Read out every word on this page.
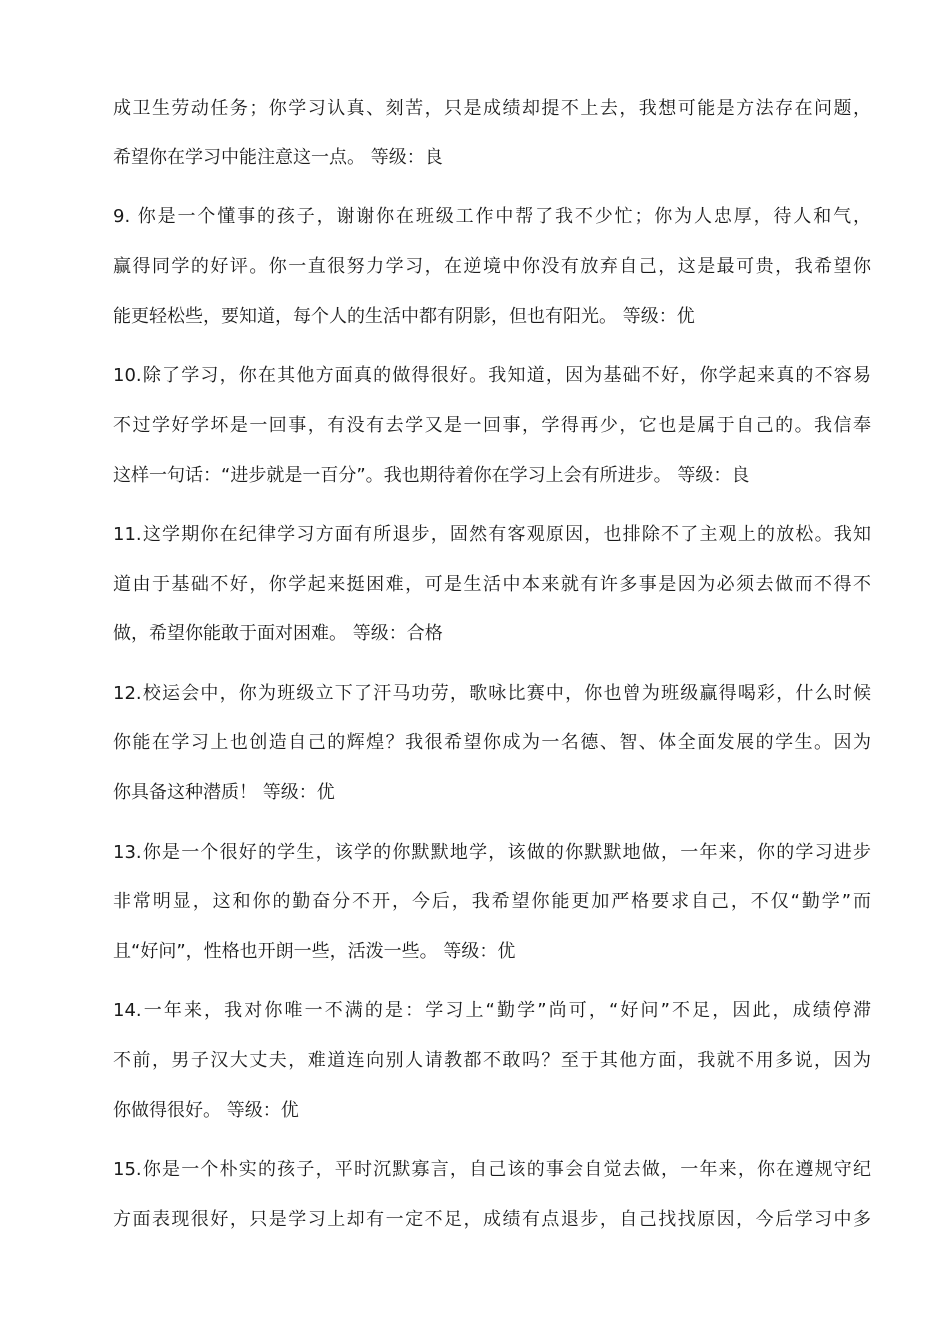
成卫生劳动任务；你学习认真、刻苦，只是成绩却提不上去，我想可能是方法存在问题，
希望你在学习中能注意这一点。 等级：良
9. 你是一个懂事的孩子，谢谢你在班级工作中帮了我不少忙；你为人忠厚，待人和气，
赢得同学的好评。你一直很努力学习，在逆境中你没有放弃自己，这是最可贵，我希望你
能更轻松些，要知道，每个人的生活中都有阴影，但也有阳光。 等级：优
10.除了学习，你在其他方面真的做得很好。我知道，因为基础不好，你学起来真的不容易
不过学好学坏是一回事，有没有去学又是一回事，学得再少，它也是属于自己的。我信奉
这样一句话：“进步就是一百分”。我也期待着你在学习上会有所进步。 等级：良
11.这学期你在纪律学习方面有所退步，固然有客观原因，也排除不了主观上的放松。我知
道由于基础不好，你学起来挺困难，可是生活中本来就有许多事是因为必须去做而不得不
做，希望你能敢于面对困难。 等级：合格
12.校运会中，你为班级立下了汗马功劳，歌咏比赛中，你也曾为班级赢得喝彩，什么时候
你能在学习上也创造自己的辉煌？我很希望你成为一名德、智、体全面发展的学生。因为
你具备这种潜质！ 等级：优
13.你是一个很好的学生，该学的你默默地学，该做的你默默地做，一年来，你的学习进步
非常明显，这和你的勤奋分不开，今后，我希望你能更加严格要求自己，不仅“勤学”而
且“好问”，性格也开朗一些，活泼一些。 等级：优
14.一年来，我对你唯一不满的是：学习上“勤学”尚可，“好问”不足，因此，成绩停滞
不前，男子汉大丈夫，难道连向别人请教都不敢吗？至于其他方面，我就不用多说，因为
你做得很好。 等级：优
15.你是一个朴实的孩子，平时沉默寡言，自己该的事会自觉去做，一年来，你在遵规守纪
方面表现很好，只是学习上却有一定不足，成绩有点退步，自己找找原因，今后学习中多
